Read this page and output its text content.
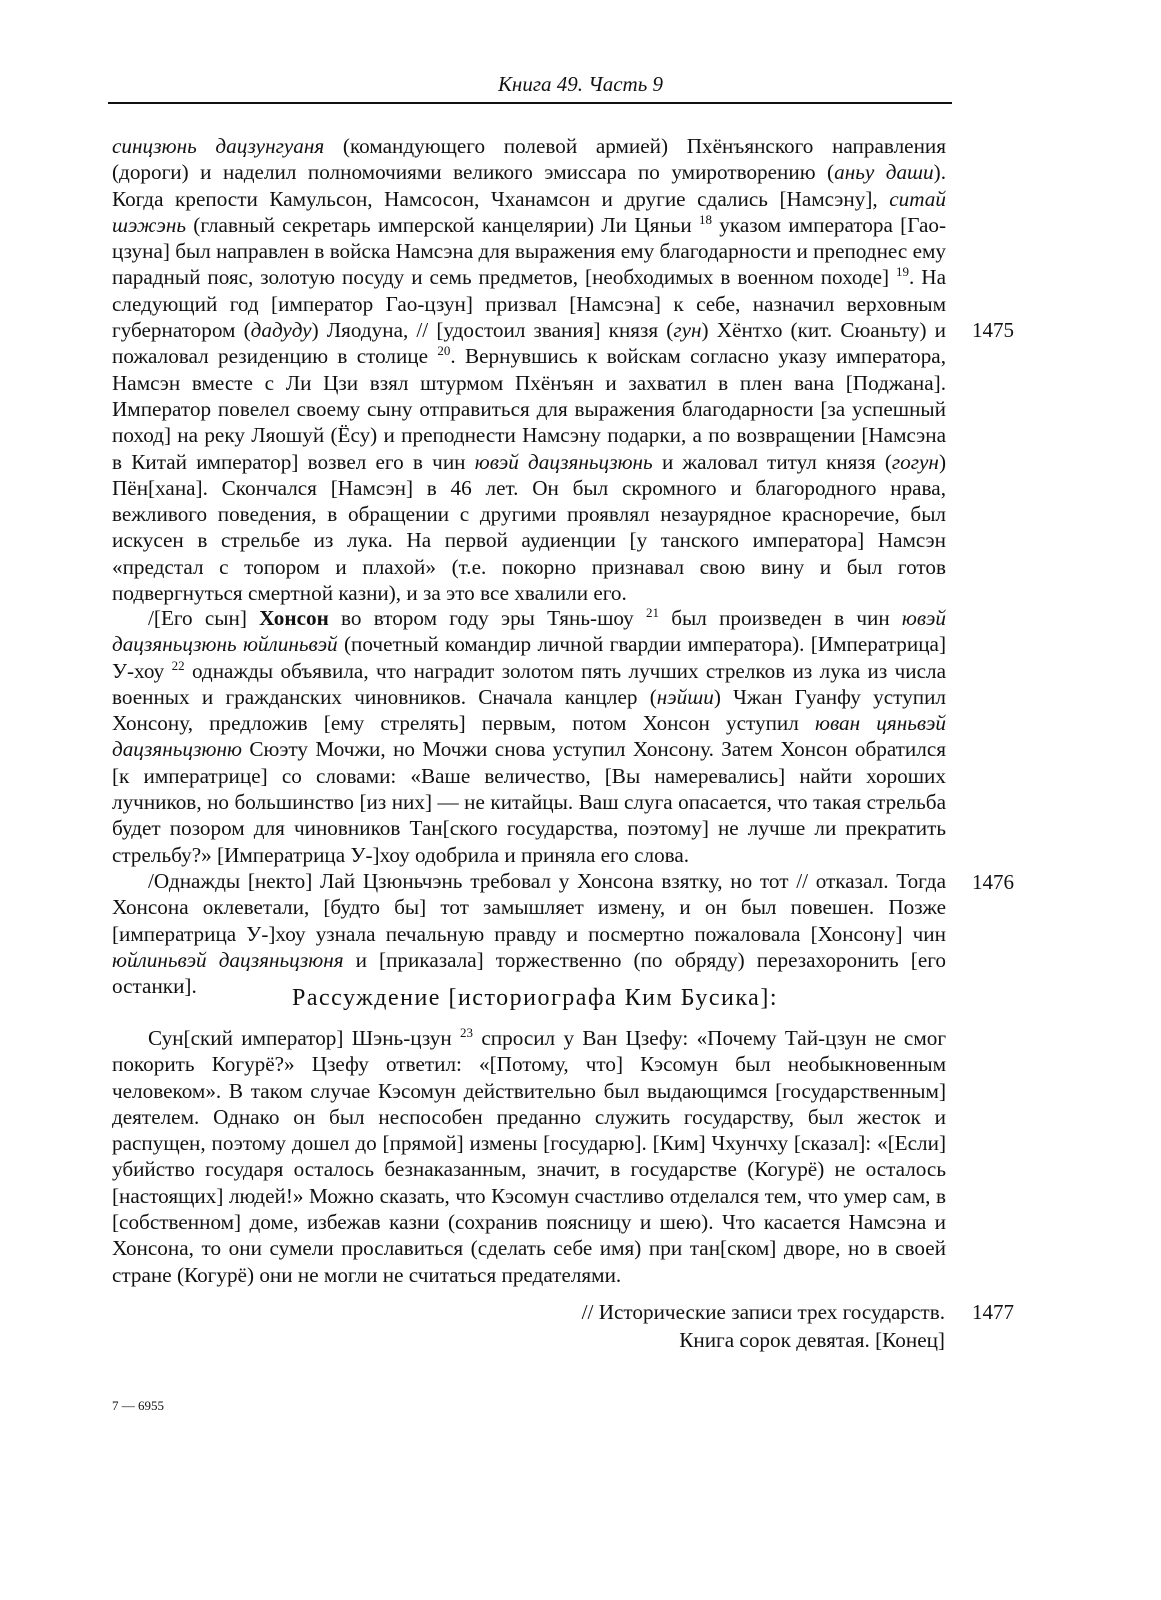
Книга 49. Часть 9

синцзюнь дацзунгуаня (командующего полевой армией) Пхёнъянского направления (дороги) и наделил полномочиями великого эмиссара по умиротворению (аньу даши). Когда крепости Камульсон, Намсосон, Чханамсон и другие сдались [Намсэну], ситай шэжэнь (главный секретарь имперской канцелярии) Ли Цяньи $^{18}$ указом императора [Гао-цзуна] был направлен в войска Намсэна для выражения ему благодарности и преподнес ему парадный пояс, золотую посуду и семь предметов, [необходимых в военном походе] $^{19}$. На следующий год [император Гао-цзун] призвал [Намсэна] к себе, назначил верховным губернатором (дадуду) Ляодуна, // [удостоил звания] князя (гун) Хёнтхо (кит. Сюаньту) и пожаловал резиденцию в столице $^{20}$. Вернувшись к войскам согласно указу императора, Намсэн вместе с Ли Цзи взял штурмом Пхёнъян и захватил в плен вана [Поджана]. Император повелел своему сыну отправиться для выражения благодарности [за успешный поход] на реку Ляошуй (Ёсу) и преподнести Намсэну подарки, а по возвращении [Намсэна в Китай император] возвел его в чин ювэй дацзяньцзюнь и жаловал титул князя (гогун) Пён[хана]. Скончался [Намсэн] в 46 лет. Он был скромного и благородного нрава, вежливого поведения, в обращении с другими проявлял незаурядное красноречие, был искусен в стрельбе из лука. На первой аудиенции [у танского императора] Намсэн «предстал с топором и плахой» (т.е. покорно признавал свою вину и был готов подвергнуться смертной казни), и за это все хвалили его.

/[Его сын] Хонсон во втором году эры Тянь-шоу $^{21}$ был произведен в чин ювэй дацзяньцзюнь юйлиньвэй (почетный командир личной гвардии императора). [Императрица] У-хоу $^{22}$ однажды объявила, что наградит золотом пять лучших стрелков из лука из числа военных и гражданских чиновников. Сначала канцлер (нэйши) Чжан Гуанфу уступил Хонсону, предложив [ему стрелять] первым, потом Хонсон уступил юван цяньвэй дацзяньцзюню Сюэту Мочжи, но Мочжи снова уступил Хонсону. Затем Хонсон обратился [к императрице] со словами: «Ваше величество, [Вы намеревались] найти хороших лучников, но большинство [из них] — не китайцы. Ваш слуга опасается, что такая стрельба будет позором для чиновников Тан[ского государства, поэтому] не лучше ли прекратить стрельбу?» [Императрица У-]хоу одобрила и приняла его слова.

/Однажды [некто] Лай Цзюньчэнь требовал у Хонсона взятку, но тот // отказал. Тогда Хонсона оклеветали, [будто бы] тот замышляет измену, и он был повешен. Позже [императрица У-]хоу узнала печальную правду и посмертно пожаловала [Хонсону] чин юйлиньвэй дацзяньцзюня и [приказала] торжественно (по обряду) перезахоронить [его останки].	Рассуждение [историографа Ким Бусика]:

Сун[ский император] Шэнь-цзун $^{23}$ спросил у Ван Цзефу: «Почему Тай-цзун не смог покорить Когурё?» Цзефу ответил: «[Потому, что] Кэсомун был необыкновенным человеком». В таком случае Кэсомун действительно был выдающимся [государственным] деятелем. Однако он был неспособен преданно служить государству, был жесток и распущен, поэтому дошел до [прямой] измены [государю]. [Ким] Чхунчху [сказал]: «[Если] убийство государя осталось безнаказанным, значит, в государстве (Когурё) не осталось [настоящих] людей!» Можно сказать, что Кэсомун счастливо отделался тем, что умер сам, в [собственном] доме, избежав казни (сохранив поясницу и шею). Что касается Намсэна и Хонсона, то они сумели прославиться (сделать себе имя) при тан[ском] дворе, но в своей стране (Когурё) они не могли не считаться предателями.

// Исторические записи трех государств.
Книга сорок девятая. [Конец]
1475
1476
1477
7 — 6955
